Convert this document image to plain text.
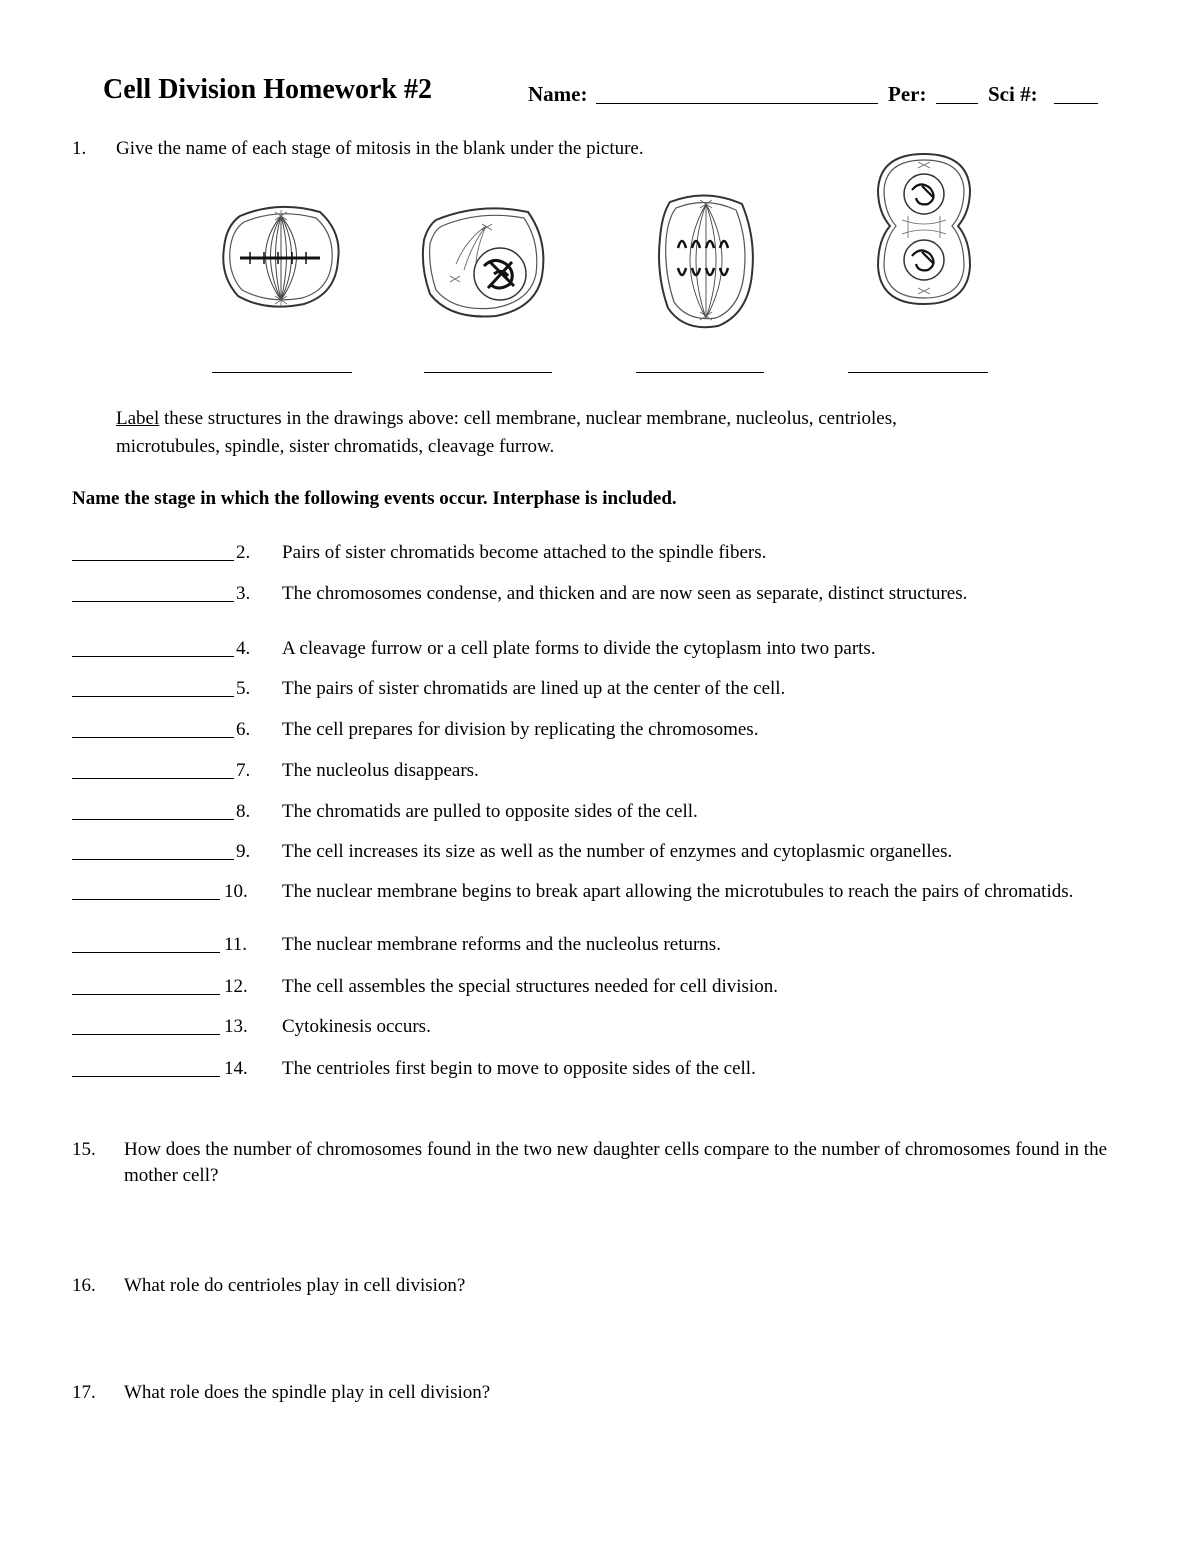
Cell Division Homework #2	Name:	Per:	Sci #:
1. Give the name of each stage of mitosis in the blank under the picture.
Label these structures in the drawings above: cell membrane, nuclear membrane, nucleolus, centrioles,
microtubules, spindle, sister chromatids, cleavage furrow.
Name the stage in which the following events occur. Interphase is included.
2. Pairs of sister chromatids become attached to the spindle fibers.
3. The chromosomes condense, and thicken and are now seen as separate, distinct structures.
4. A cleavage furrow or a cell plate forms to divide the cytoplasm into two parts.
5. The pairs of sister chromatids are lined up at the center of the cell.
6. The cell prepares for division by replicating the chromosomes.
7. The nucleolus disappears.
8. The chromatids are pulled to opposite sides of the cell.
9. The cell increases its size as well as the number of enzymes and cytoplasmic organelles.
10. The nuclear membrane begins to break apart allowing the microtubules to reach the pairs of chromatids.
11. The nuclear membrane reforms and the nucleolus returns.
12. The cell assembles the special structures needed for cell division.
13. Cytokinesis occurs.
14. The centrioles first begin to move to opposite sides of the cell.
15. How does the number of chromosomes found in the two new daughter cells compare to the number of chromosomes found in the mother cell?
16. What role do centrioles play in cell division?
17. What role does the spindle play in cell division?
